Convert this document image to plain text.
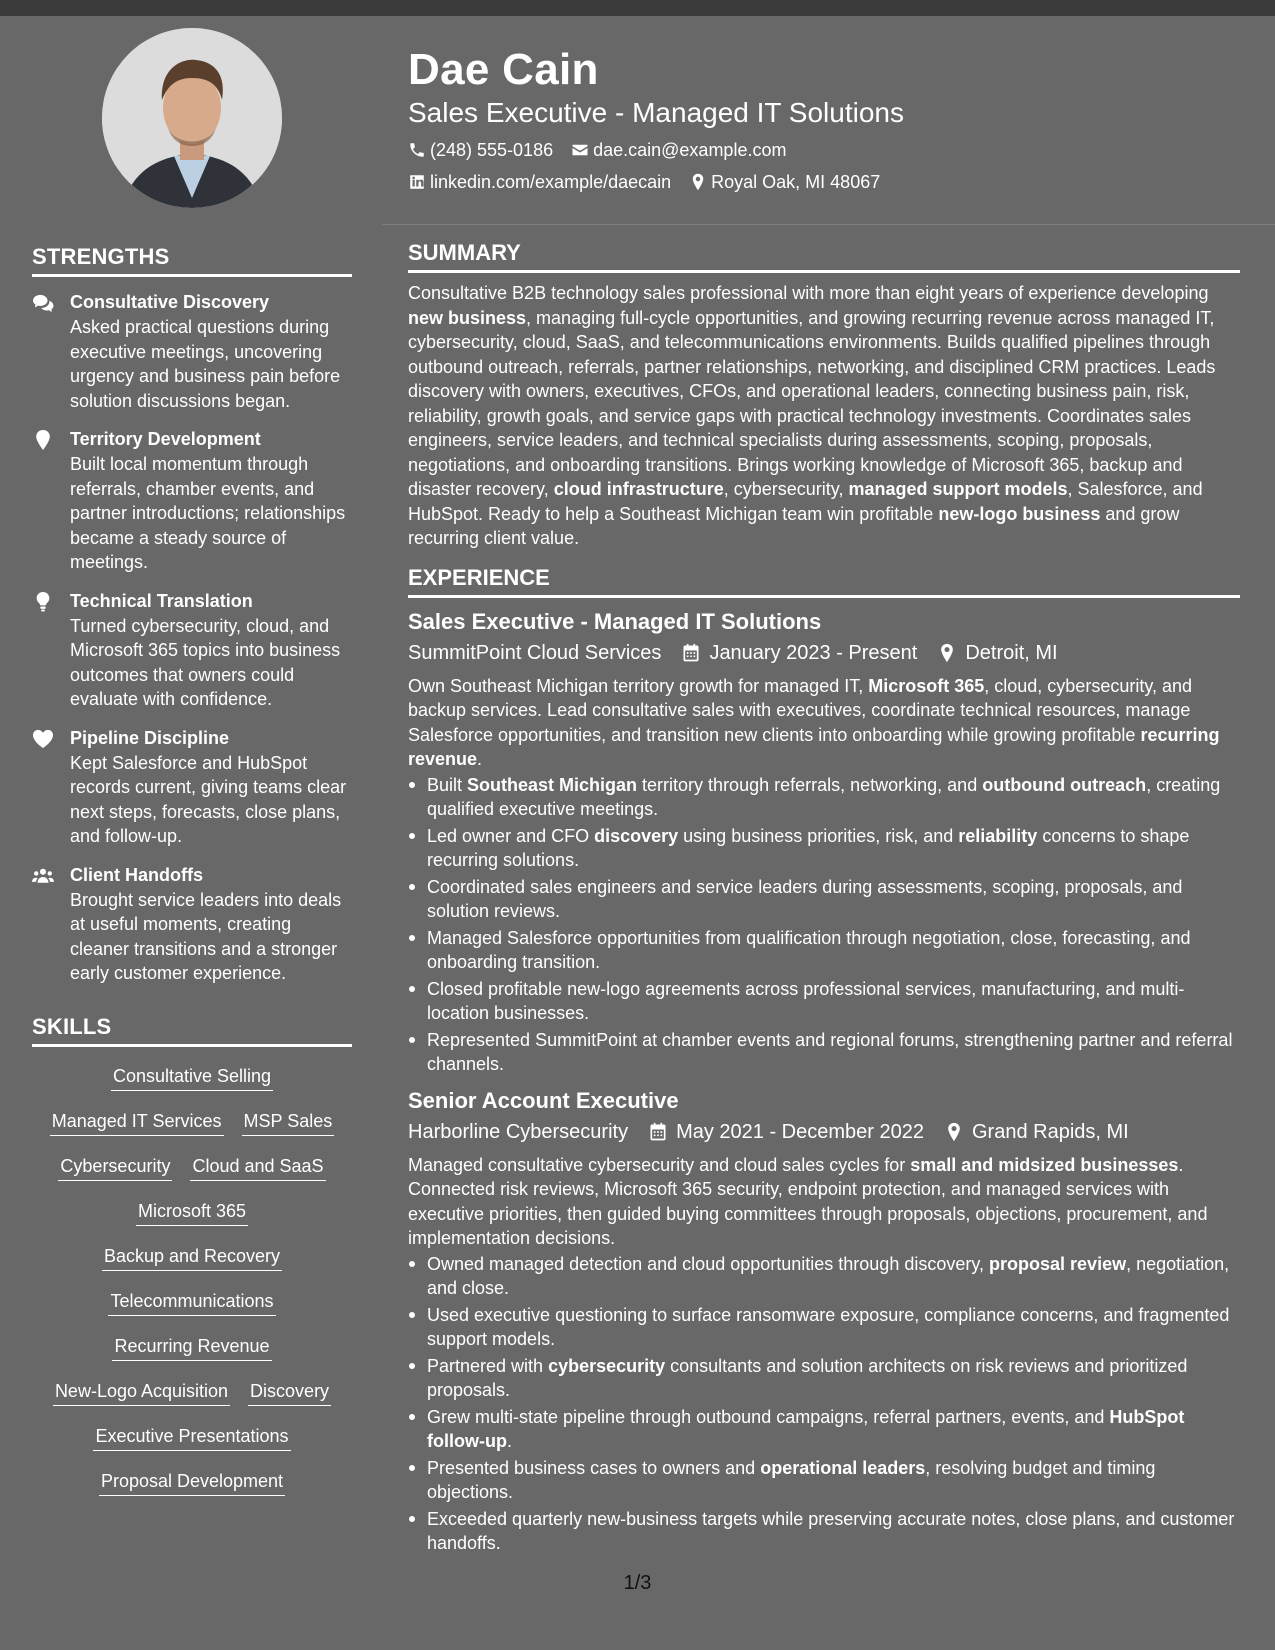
STRENGTHS
Consultative Discovery
Asked practical questions during executive meetings, uncovering urgency and business pain before solution discussions began.
Territory Development
Built local momentum through referrals, chamber events, and partner introductions; relationships became a steady source of meetings.
Technical Translation
Turned cybersecurity, cloud, and Microsoft 365 topics into business outcomes that owners could evaluate with confidence.
Pipeline Discipline
Kept Salesforce and HubSpot records current, giving teams clear next steps, forecasts, close plans, and follow-up.
Client Handoffs
Brought service leaders into deals at useful moments, creating cleaner transitions and a stronger early customer experience.
SKILLS
Consultative Selling
Managed IT Services MSP Sales
Cybersecurity Cloud and SaaS
Microsoft 365
Backup and Recovery
Telecommunications
Recurring Revenue
New-Logo Acquisition Discovery
Executive Presentations
Proposal Development
Dae Cain
Sales Executive - Managed IT Solutions
(248) 555-0186 dae.cain@example.com
linkedin.com/example/daecain Royal Oak, MI 48067
SUMMARY
Consultative B2B technology sales professional with more than eight years of experience developing new business, managing full-cycle opportunities, and growing recurring revenue across managed IT, cybersecurity, cloud, SaaS, and telecommunications environments. Builds qualified pipelines through outbound outreach, referrals, partner relationships, networking, and disciplined CRM practices. Leads discovery with owners, executives, CFOs, and operational leaders, connecting business pain, risk, reliability, growth goals, and service gaps with practical technology investments. Coordinates sales engineers, service leaders, and technical specialists during assessments, scoping, proposals, negotiations, and onboarding transitions. Brings working knowledge of Microsoft 365, backup and disaster recovery, cloud infrastructure, cybersecurity, managed support models, Salesforce, and HubSpot. Ready to help a Southeast Michigan team win profitable new-logo business and grow recurring client value.
EXPERIENCE
Sales Executive - Managed IT Solutions
SummitPoint Cloud Services January 2023 - Present Detroit, MI
Own Southeast Michigan territory growth for managed IT, Microsoft 365, cloud, cybersecurity, and backup services. Lead consultative sales with executives, coordinate technical resources, manage Salesforce opportunities, and transition new clients into onboarding while growing profitable recurring revenue.
Built Southeast Michigan territory through referrals, networking, and outbound outreach, creating qualified executive meetings.
Led owner and CFO discovery using business priorities, risk, and reliability concerns to shape recurring solutions.
Coordinated sales engineers and service leaders during assessments, scoping, proposals, and solution reviews.
Managed Salesforce opportunities from qualification through negotiation, close, forecasting, and onboarding transition.
Closed profitable new-logo agreements across professional services, manufacturing, and multi-location businesses.
Represented SummitPoint at chamber events and regional forums, strengthening partner and referral channels.
Senior Account Executive
Harborline Cybersecurity May 2021 - December 2022 Grand Rapids, MI
Managed consultative cybersecurity and cloud sales cycles for small and midsized businesses. Connected risk reviews, Microsoft 365 security, endpoint protection, and managed services with executive priorities, then guided buying committees through proposals, objections, procurement, and implementation decisions.
Owned managed detection and cloud opportunities through discovery, proposal review, negotiation, and close.
Used executive questioning to surface ransomware exposure, compliance concerns, and fragmented support models.
Partnered with cybersecurity consultants and solution architects on risk reviews and prioritized proposals.
Grew multi-state pipeline through outbound campaigns, referral partners, events, and HubSpot follow-up.
Presented business cases to owners and operational leaders, resolving budget and timing objections.
Exceeded quarterly new-business targets while preserving accurate notes, close plans, and customer handoffs.
1/3
